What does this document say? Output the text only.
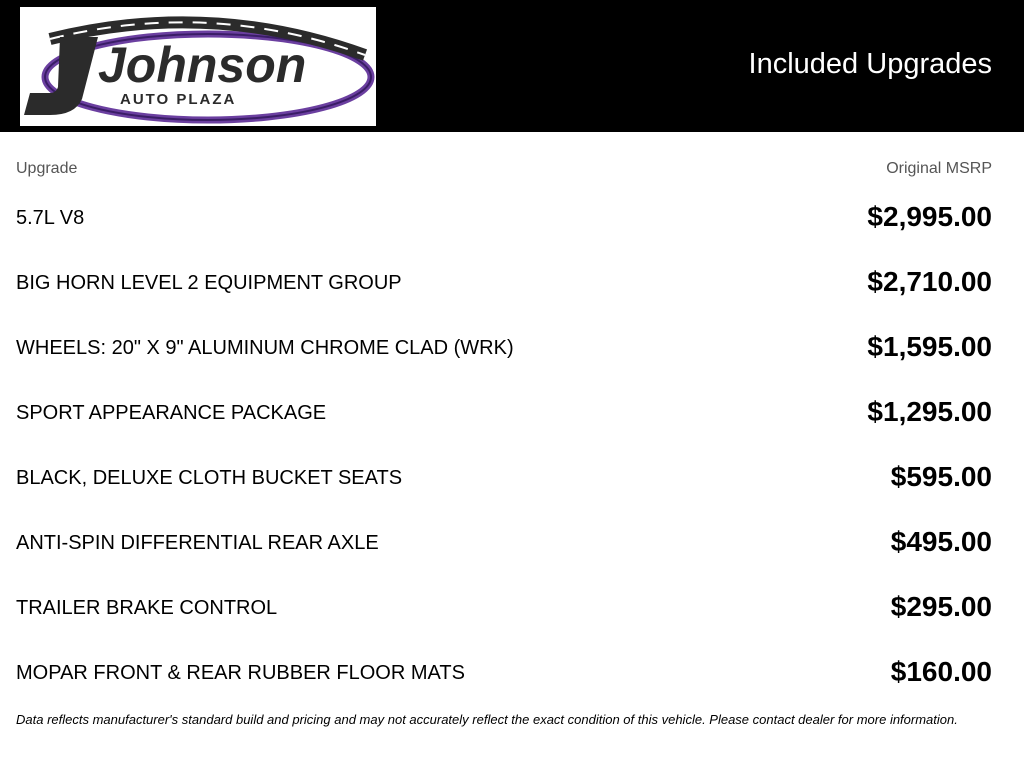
Johnson
AUTO PLAZA
Included Upgrades
Upgrade	Original MSRP
5.7L V8	$2,995.00
BIG HORN LEVEL 2 EQUIPMENT GROUP	$2,710.00
WHEELS: 20" X 9" ALUMINUM CHROME CLAD (WRK)	$1,595.00
SPORT APPEARANCE PACKAGE	$1,295.00
BLACK, DELUXE CLOTH BUCKET SEATS	$595.00
ANTI-SPIN DIFFERENTIAL REAR AXLE	$495.00
TRAILER BRAKE CONTROL	$295.00
MOPAR FRONT & REAR RUBBER FLOOR MATS	$160.00
Data reflects manufacturer's standard build and pricing and may not accurately reflect the exact condition of this vehicle. Please contact dealer for more information.
